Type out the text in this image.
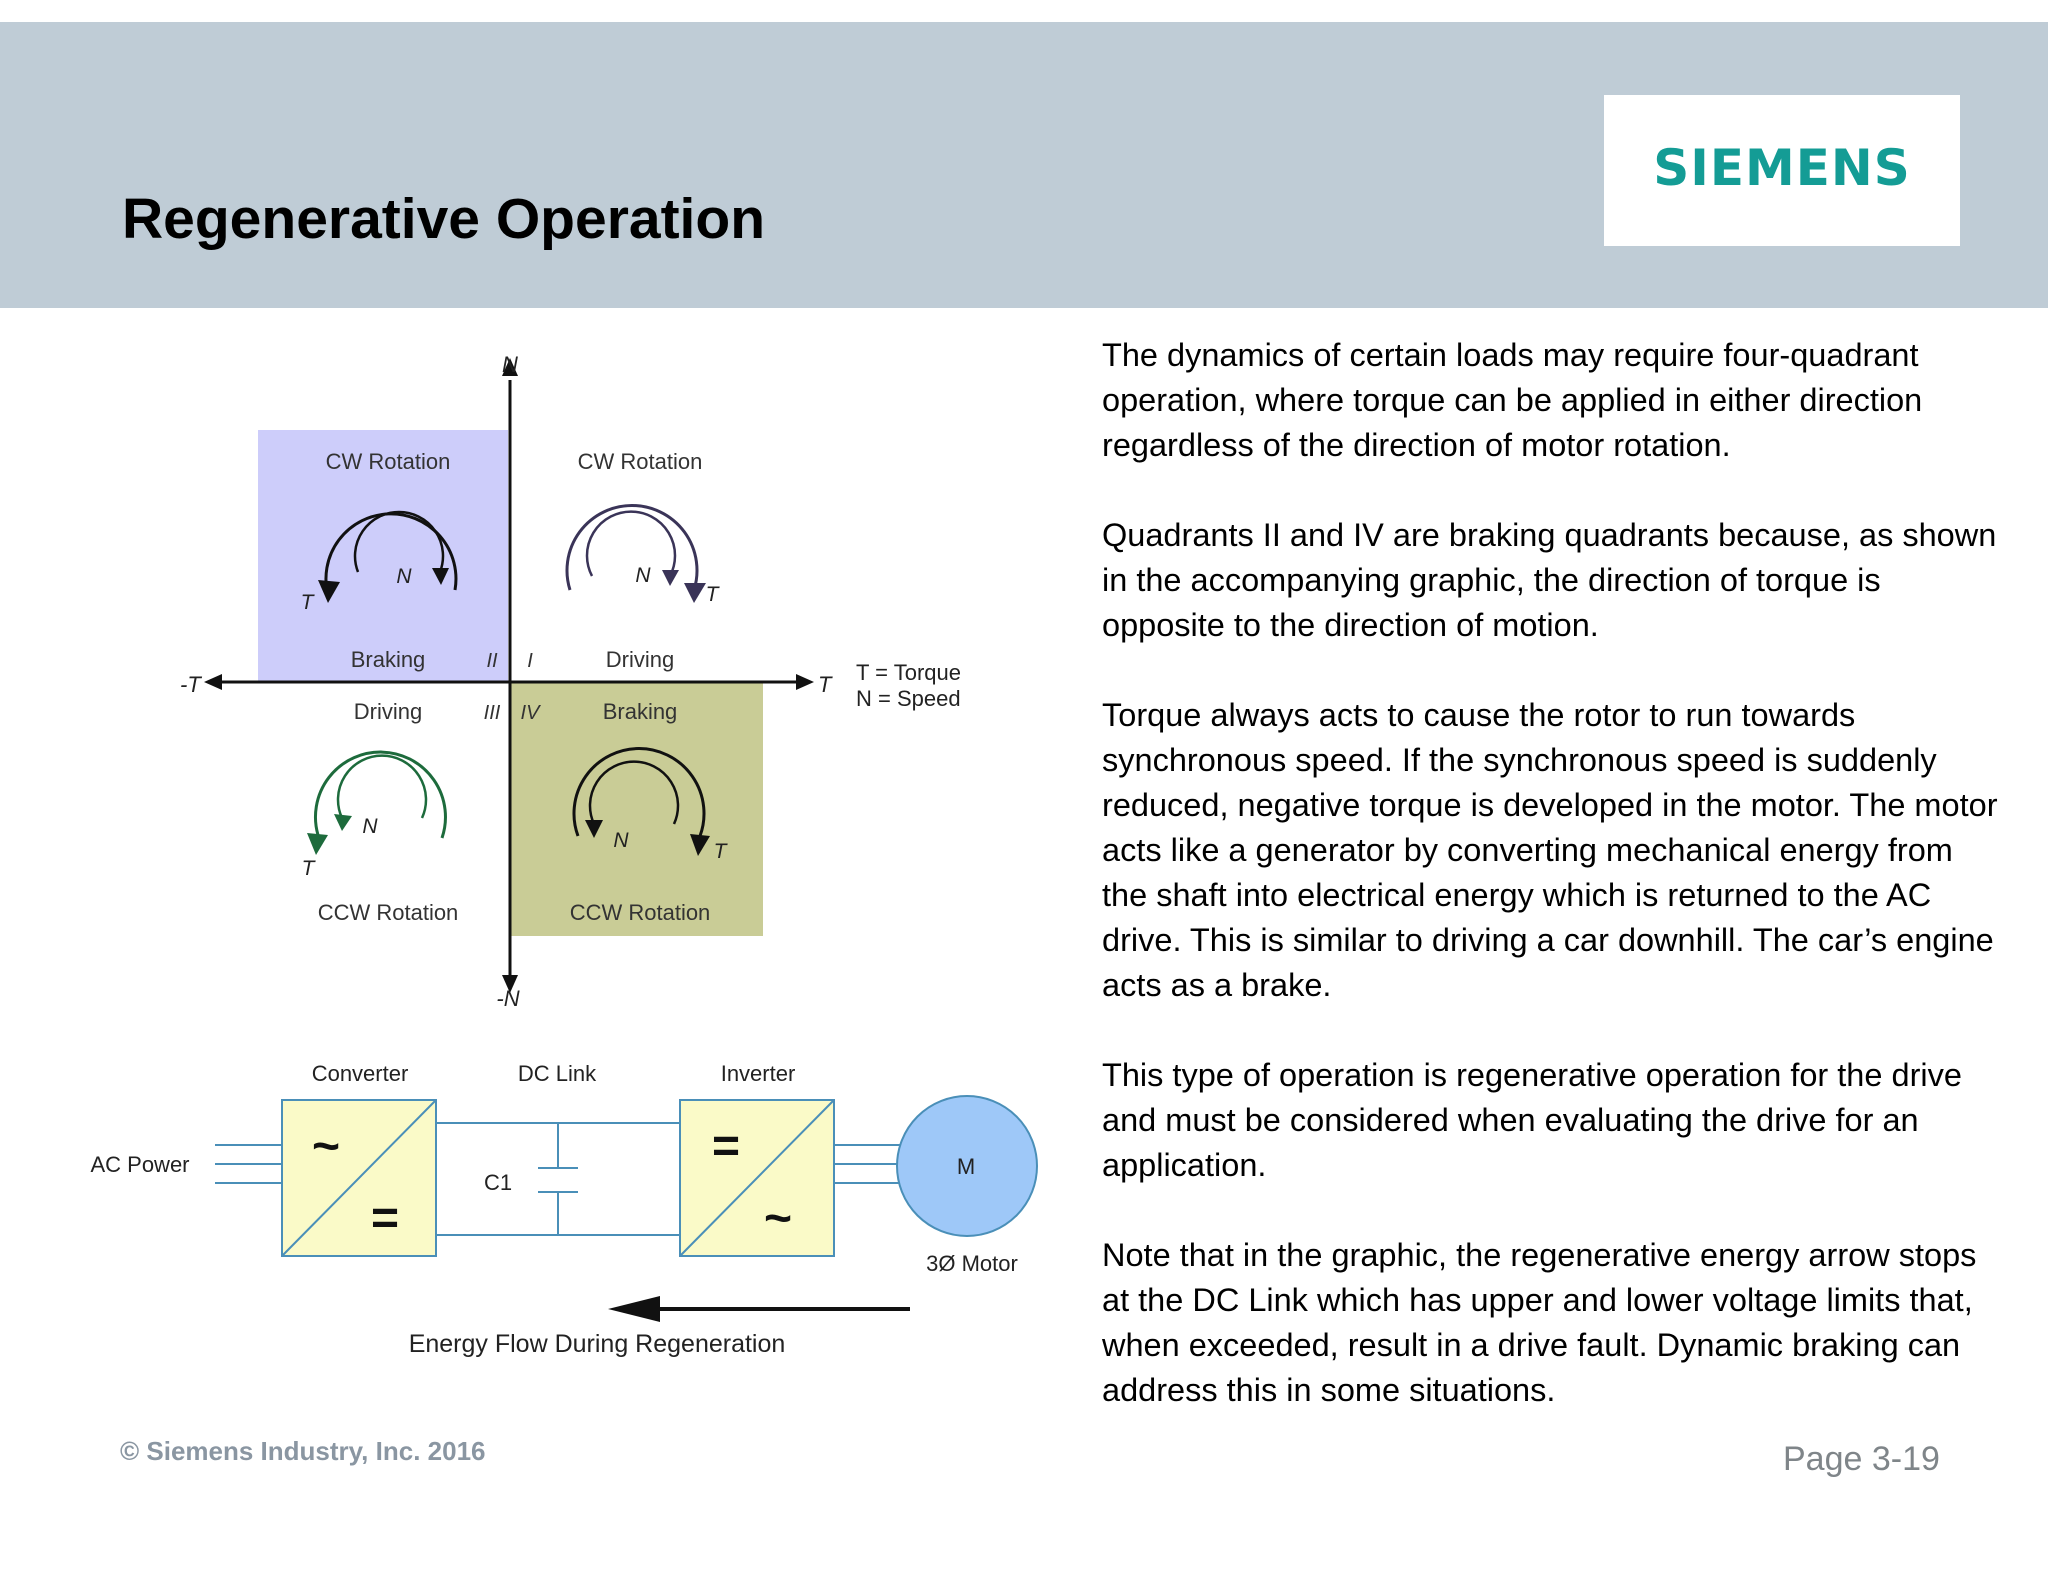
Regenerative Operation
SIEMENS
N
-N
T
-T	T = Torque
N = Speed
II I
III IV
CW Rotation
Braking
N
T
CW Rotation
Driving
N
T
Driving
CCW Rotation
N
T
Braking
CCW Rotation
N	T
Converter	DC Link	Inverter
AC Power	~
=
C1
=
~
M
3Ø Motor
Energy Flow During Regeneration

The dynamics of certain loads may require four-quadrant operation, where torque can be applied in either direction regardless of the direction of motor rotation.

Quadrants II and IV are braking quadrants because, as shown in the accompanying graphic, the direction of torque is opposite to the direction of motion.

Torque always acts to cause the rotor to run towards synchronous speed. If the synchronous speed is suddenly reduced, negative torque is developed in the motor. The motor acts like a generator by converting mechanical energy from the shaft into electrical energy which is returned to the AC drive. This is similar to driving a car downhill. The car’s engine acts as a brake.

This type of operation is regenerative operation for the drive and must be considered when evaluating the drive for an application.

Note that in the graphic, the regenerative energy arrow stops at the DC Link which has upper and lower voltage limits that, when exceeded, result in a drive fault. Dynamic braking can address this in some situations.

© Siemens Industry, Inc. 2016	Page 3-19
